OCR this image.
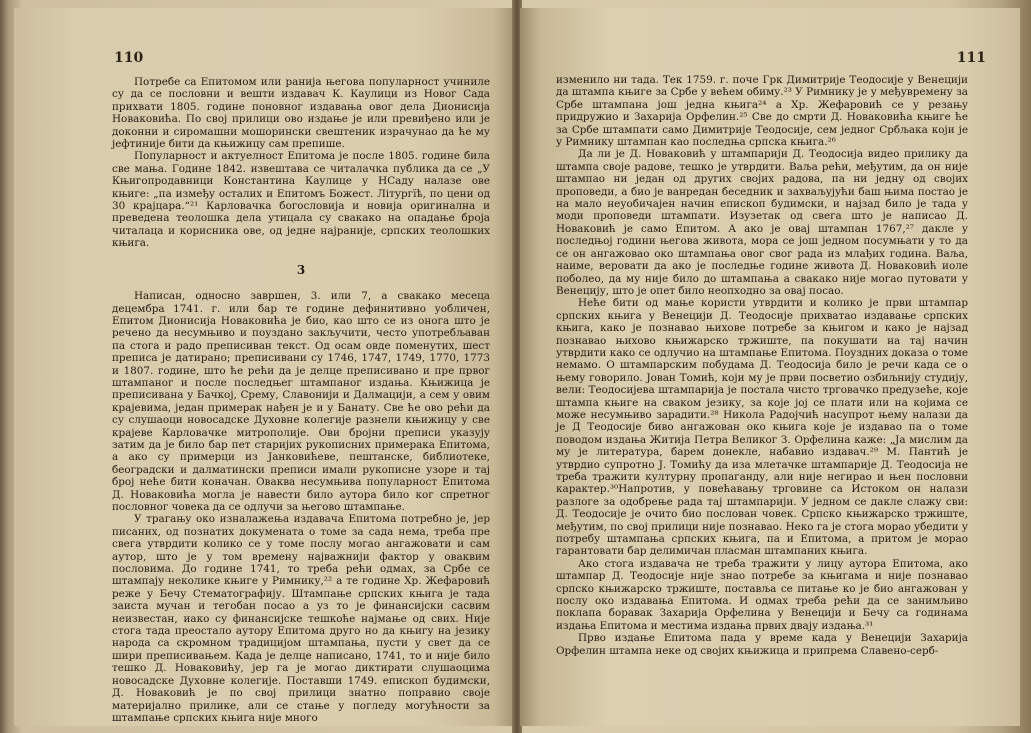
110

Потребе са Епитомом или ранија његова популарност учиниле су да се пословни и вешти издавач К. Каулици из Новог Сада прихвати 1805. године поновног издавања овог дела Дионисија Новаковића. По свој прилици ово издање је или превиђено или је доконни и сиромашни мошорински свештеник израчунао да ће му јефтиније бити да књижицу сам препише.

Популарност и актуелност Епитома је после 1805. године била све мања. Године 1842. извештава се читалачка публика да се „У Књигопродавници Константина Каулице у НСаду налазе ове књиге: „па између осталих и Епитомъ Божест. Літургїѣ, по цени од 30 крајцара.“²¹ Карловачка богословија и новија оригинална и преведена теолошка дела утицала су свакако на опадање броја читалаца и корисника ове, од једне најраније, српских теолошких књига.

3

Написан, односно завршен, 3. или 7, а свакако месеца децембра 1741. г. или бар те године дефинитивно уобличен, Епитом Дионисија Новаковића је био, као што се из онога што је речено да несумњиво и поуздано закључити, често употребљаван па стога и радо преписиван текст. Од осам овде поменутих, шест преписа је датирано; преписивани су 1746, 1747, 1749, 1770, 1773 и 1807. године, што ће рећи да је делце преписивано и пре првог штампаног и после последњег штампаног издања. Књижица је преписивана у Бачкој, Срему, Славонији и Далмацији, а сем у овим крајевима, један примерак нађен је и у Банату. Све ће ово рећи да су слушаоци новосадске Духовне колегије разнели књижицу у све крајеве Карловачке митрополије. Ови бројни преписи указују затим да је било бар пет старијих рукописних примерака Епитома, а ако су примерци из Јанковићеве, пештанске, библиотеке, београдски и далматински преписи имали рукописне узоре и тај број неће бити коначан. Оваква несумњива популарност Епитома Д. Новаковића могла је навести било аутора било ког спретног пословног човека да се одлучи за његово штампање.

У трагању око изналажења издавача Епитома потребно је, јер писаних, од познатих докумената о томе за сада нема, треба пре свега утврдити колико се у томе послу могао ангажовати и сам аутор, што је у том времену најважнији фактор у оваквим пословима. До године 1741, то треба рећи одмах, за Србе се штампају неколике књиге у Римнику,²² а те године Хр. Жефаровић реже у Бечу Стематографију. Штампање српских књига је тада заиста мучан и тегобан посао а уз то је финансијски сасвим неизвестан, иако су финансијске тешкоће најмање од свих. Није стога тада преостало аутору Епитома друго но да књигу на језику народа са скромном традицијом штампања, пусти у свет да се шири преписивањем. Када је делце написано, 1741, то и није било тешко Д. Новаковићу, јер га је могао диктирати слушаоцима новосадске Духовне колегије. Поставши 1749. епископ будимски, Д. Новаковић је по свој прилици знатно поправио своје материјално прилике, али се стање у погледу могућности за штампање српских књига није много

111

изменило ни тада. Тек 1759. г. поче Грк Димитрије Теодосије у Венецији да штампа књиге за Србе у већем обиму.²³ У Римнику је у међувремену за Србе штампана још једна књига²⁴ а Хр. Жефаровић се у резању придружио и Захарија Орфелин.²⁵ Све до смрти Д. Новаковића књиге ће за Србе штампати само Димитрије Теодосије, сем једног Србљака који је у Римнику штампан као последња српска књига.²⁶

Да ли је Д. Новаковић у штампарији Д. Теодосија видео прилику да штампа своје радове, тешко је утврдити. Ваља рећи, међутим, да он није штампао ни један од других својих радова, па ни једну од својих проповеди, а био је ванредан беседник и захваљујући баш њима постао је на мало неуобичајен начин епископ будимски, и најзад било је тада у моди проповеди штампати. Изузетак од свега што је написао Д. Новаковић је само Епитом. А ако је овај штампан 1767,²⁷ дакле у последњој години његова живота, мора се још једном посумњати у то да се он ангажовао око штампања овог свог рада из млађих година. Ваља, наиме, веровати да ако је последње године живота Д. Новаковић иоле поболео, да му није било до штампања а свакако није могао путовати у Венецију, што је опет било неопходно за овај посао.

Неће бити од мање користи утврдити и колико је први штампар српских књига у Венецији Д. Теодосије прихватао издавање српских књига, како је познавао њихове потребе за књигом и како је најзад познавао њихово књижарско тржиште, па покушати на тај начин утврдити како се одлучио на штампање Епитома. Поуздних доказа о томе немамо. О штампарским побудама Д. Теодосија било је речи када се о њему говорило. Јован Томић, који му је први посветио озбиљнију студију, вели: Теодосијева штампарија је постала чисто трговачко предузеће, које штампа књиге на сваком језику, за које јој се плати или на којима се може несумњиво зарадити.²⁸ Никола Радојчић насупрот њему налази да је Д Теодосије биво ангажован око књига које је издавао па о томе поводом издања Житија Петра Великог З. Орфелина каже: „Ја мислим да му је литература, барем донекле, набавио издавач.²⁹ М. Пантић је утврдио супротно Ј. Томићу да иза млетачке штампарије Д. Теодосија не треба тражити културну пропаганду, али није негирао и њен пословни карактер.³⁰Напротив, у повећавању трговине са Истоком он налази разлоге за одобрење рада тај штампарији. У једном се дакле слажу сви: Д. Теодосије је очито био послован човек. Српско књижарско тржиште, међутим, по свој прилици није познавао. Неко га је стога морао убедити у потребу штампања српских књига, па и Епитома, а притом је морао гарантовати бар делимичан пласман штампаних књига.

Ако стога издавача не треба тражити у лицу аутора Епитома, ако штампар Д. Теодосије није знао потребе за књигама и није познавао српско књижарско тржиште, поставља се питање ко је био ангажован у послу око издавања Епитома. И одмах треба рећи да се занимљиво поклапа боравак Захарија Орфелина у Венецији и Бечу са годинама издања Епитома и местима издања првих двају издања.³¹

Прво издање Епитома пада у време када у Венецији Захарија Орфелин штампа неке од својих књижица и припрема Славено-серб-
